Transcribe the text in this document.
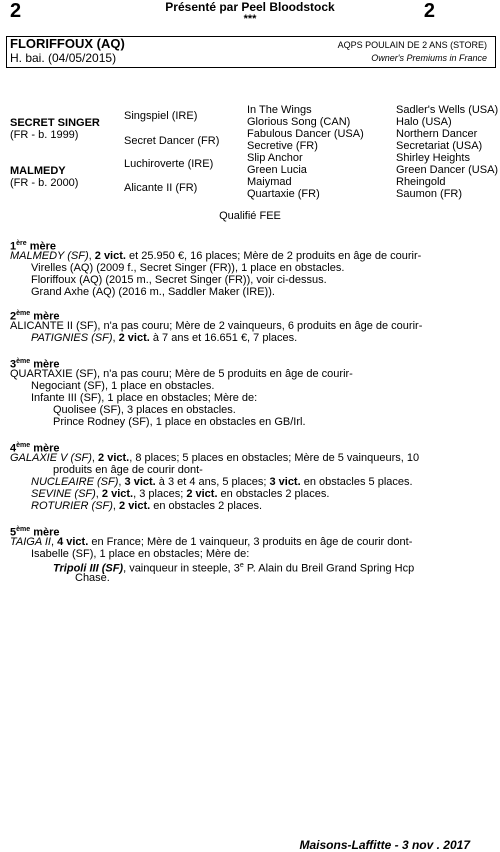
2	2
Présenté par Peel Bloodstock
***
FLORIFFOUX (AQ)
H. bai. (04/05/2015)
AQPS POULAIN DE 2 ANS (STORE)
Owner's Premiums in France
SECRET SINGER
(FR - b. 1999)
MALMEDY
(FR - b. 2000)
Singspiel (IRE)
Secret Dancer (FR)
Luchiroverte (IRE)
Alicante II (FR)
In The Wings
Glorious Song (CAN)
Fabulous Dancer (USA)
Secretive (FR)
Slip Anchor
Green Lucia
Maiymad
Quartaxie (FR)
Sadler's Wells (USA)
Halo (USA)
Northern Dancer
Secretariat (USA)
Shirley Heights
Green Dancer (USA)
Rheingold
Saumon (FR)
Qualifié FEE
1ère mère
MALMEDY (SF), 2 vict. et 25.950 €, 16 places; Mère de 2 produits en âge de courir-
Virelles (AQ) (2009 f., Secret Singer (FR)), 1 place en obstacles.
Floriffoux (AQ) (2015 m., Secret Singer (FR)), voir ci-dessus.
Grand Axhe (AQ) (2016 m., Saddler Maker (IRE)).
2ème mère
ALICANTE II (SF), n'a pas couru; Mère de 2 vainqueurs, 6 produits en âge de courir-
PATIGNIES (SF), 2 vict. à 7 ans et 16.651 €, 7 places.
3ème mère
QUARTAXIE (SF), n'a pas couru; Mère de 5 produits en âge de courir-
Negociant (SF), 1 place en obstacles.
Infante III (SF), 1 place en obstacles; Mère de:
Quolisee (SF), 3 places en obstacles.
Prince Rodney (SF), 1 place en obstacles en GB/Irl.
4ème mère
GALAXIE V (SF), 2 vict., 8 places; 5 places en obstacles; Mère de 5 vainqueurs, 10
produits en âge de courir dont-
NUCLEAIRE (SF), 3 vict. à 3 et 4 ans, 5 places; 3 vict. en obstacles 5 places.
SEVINE (SF), 2 vict., 3 places; 2 vict. en obstacles 2 places.
ROTURIER (SF), 2 vict. en obstacles 2 places.
5ème mère
TAIGA II, 4 vict. en France; Mère de 1 vainqueur, 3 produits en âge de courir dont-
Isabelle (SF), 1 place en obstacles; Mère de:
Tripoli III (SF), vainqueur in steeple, 3e P. Alain du Breil Grand Spring Hcp
Chase.
Maisons-Laffitte - 3 nov . 2017
